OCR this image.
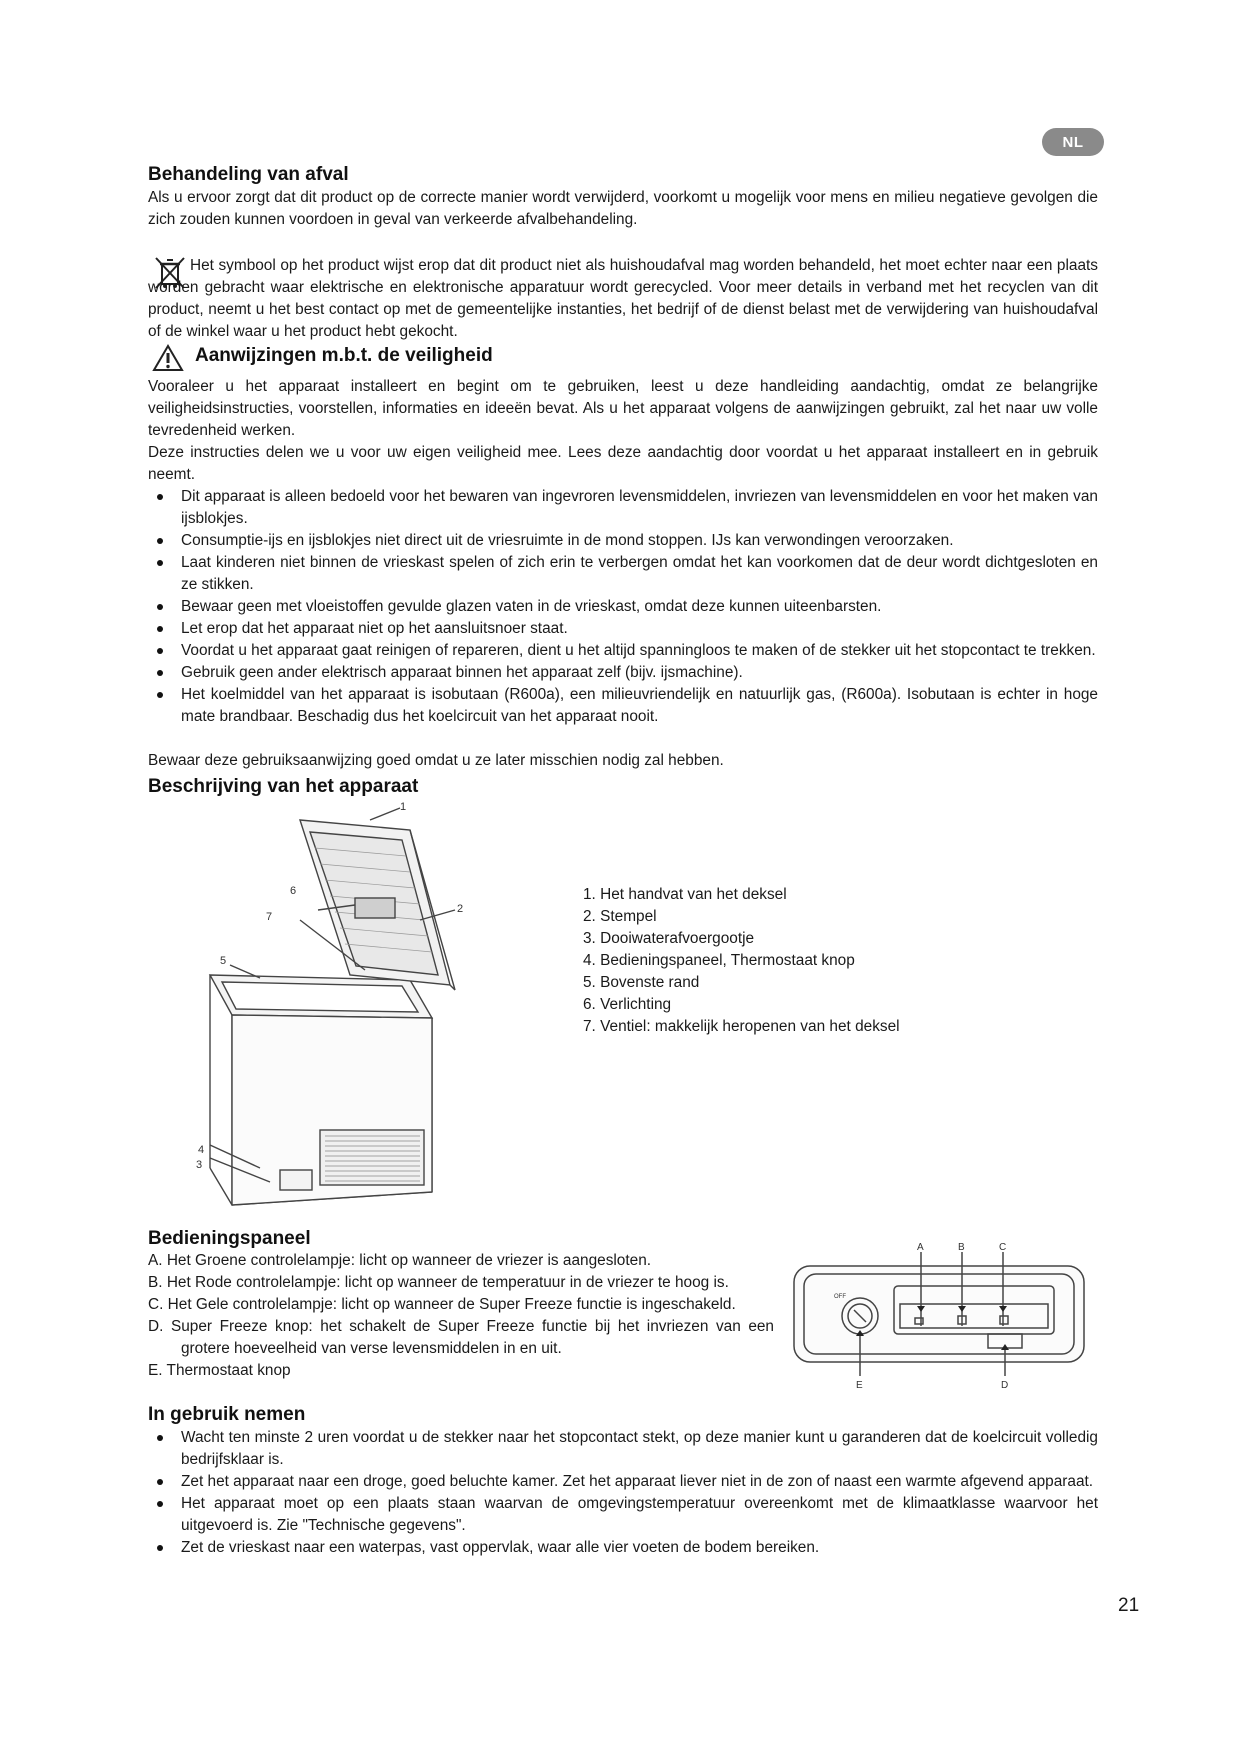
NL
Behandeling van afval
Als u ervoor zorgt dat dit product op de correcte manier wordt verwijderd, voorkomt u mogelijk voor mens en milieu negatieve gevolgen die zich zouden kunnen voordoen in geval van verkeerde afvalbehandeling.
Het symbool op het product wijst erop dat dit product niet als huishoudafval mag worden behandeld, het moet echter naar een plaats worden gebracht waar elektrische en elektronische apparatuur wordt gerecycled. Voor meer details in verband met het recyclen van dit product, neemt u het best contact op met de gemeentelijke instanties, het bedrijf of de dienst belast met de verwijdering van huishoudafval of de winkel waar u het product hebt gekocht.
Aanwijzingen m.b.t. de veiligheid
Vooraleer u het apparaat installeert en begint om te gebruiken, leest u deze handleiding aandachtig, omdat ze belangrijke veiligheidsinstructies, voorstellen, informaties en ideeën bevat. Als u het apparaat volgens de aanwijzingen gebruikt, zal het naar uw volle tevredenheid werken.
Deze instructies delen we u voor uw eigen veiligheid mee. Lees deze aandachtig door voordat u het apparaat installeert en in gebruik neemt.
Dit apparaat is alleen bedoeld voor het bewaren van ingevroren levensmiddelen, invriezen van levensmiddelen en voor het maken van ijsblokjes.
Consumptie-ijs en ijsblokjes niet direct uit de vriesruimte in de mond stoppen. IJs kan verwondingen veroorzaken.
Laat kinderen niet binnen de vrieskast spelen of zich erin te verbergen omdat het kan voorkomen dat de deur wordt dichtgesloten en ze stikken.
Bewaar geen met vloeistoffen gevulde glazen vaten in de vrieskast, omdat deze kunnen uiteenbarsten.
Let erop dat het apparaat niet op het aansluitsnoer staat.
Voordat u het apparaat gaat reinigen of repareren, dient u het altijd spanningloos te maken of de stekker uit het stopcontact te trekken.
Gebruik geen ander elektrisch apparaat binnen het apparaat zelf (bijv. ijsmachine).
Het koelmiddel van het apparaat is isobutaan (R600a), een milieuvriendelijk en natuurlijk gas, (R600a). Isobutaan is echter in hoge mate brandbaar. Beschadig dus het koelcircuit van het apparaat nooit.
Bewaar deze gebruiksaanwijzing goed omdat u ze later misschien nodig zal hebben.
Beschrijving van het apparaat
1
2
3
4
5
6
7
1. Het handvat van het deksel
2. Stempel
3. Dooiwaterafvoergootje
4. Bedieningspaneel, Thermostaat knop
5. Bovenste rand
6. Verlichting
7. Ventiel: makkelijk heropenen van het deksel
Bedieningspaneel
A. Het Groene controlelampje: licht op wanneer de vriezer is aangesloten.
B. Het Rode controlelampje: licht op wanneer de temperatuur in de vriezer te hoog is.
C. Het Gele controlelampje: licht op wanneer de Super Freeze functie is ingeschakeld.
D. Super Freeze knop: het schakelt de Super Freeze functie bij het invriezen van een grotere hoeveelheid van verse levensmiddelen in en uit.
E. Thermostaat knop
A	B	C
D
E
OFF
In gebruik nemen
Wacht ten minste 2 uren voordat u de stekker naar het stopcontact stekt, op deze manier kunt u garanderen dat de koelcircuit volledig bedrijfsklaar is.
Zet het apparaat naar een droge, goed beluchte kamer. Zet het apparaat liever niet in de zon of naast een warmte afgevend apparaat.
Het apparaat moet op een plaats staan waarvan de omgevingstemperatuur overeenkomt met de klimaatklasse waarvoor het uitgevoerd is. Zie "Technische gegevens".
Zet de vrieskast naar een waterpas, vast oppervlak, waar alle vier voeten de bodem bereiken.
21
